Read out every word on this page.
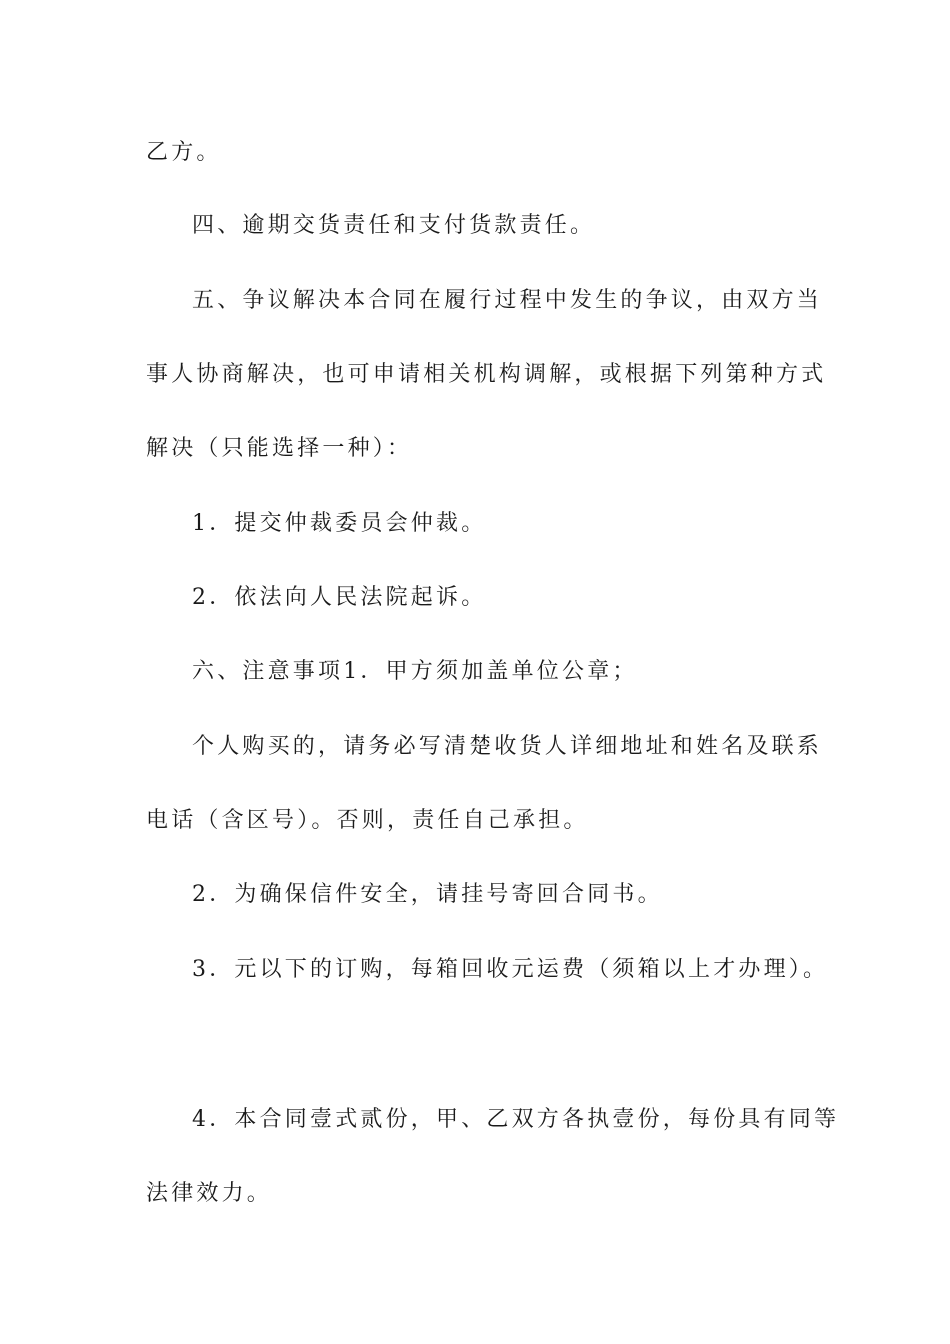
乙方。

四、逾期交货责任和支付货款责任。

五、争议解决本合同在履行过程中发生的争议，由双方当

事人协商解决，也可申请相关机构调解，或根据下列第种方式

解决（只能选择一种）：

1．提交仲裁委员会仲裁。

2．依法向人民法院起诉。

六、注意事项1．甲方须加盖单位公章；

个人购买的，请务必写清楚收货人详细地址和姓名及联系

电话（含区号）。否则，责任自己承担。

2．为确保信件安全，请挂号寄回合同书。

3．元以下的订购，每箱回收元运费（须箱以上才办理）。

4．本合同壹式贰份，甲、乙双方各执壹份，每份具有同等

法律效力。
